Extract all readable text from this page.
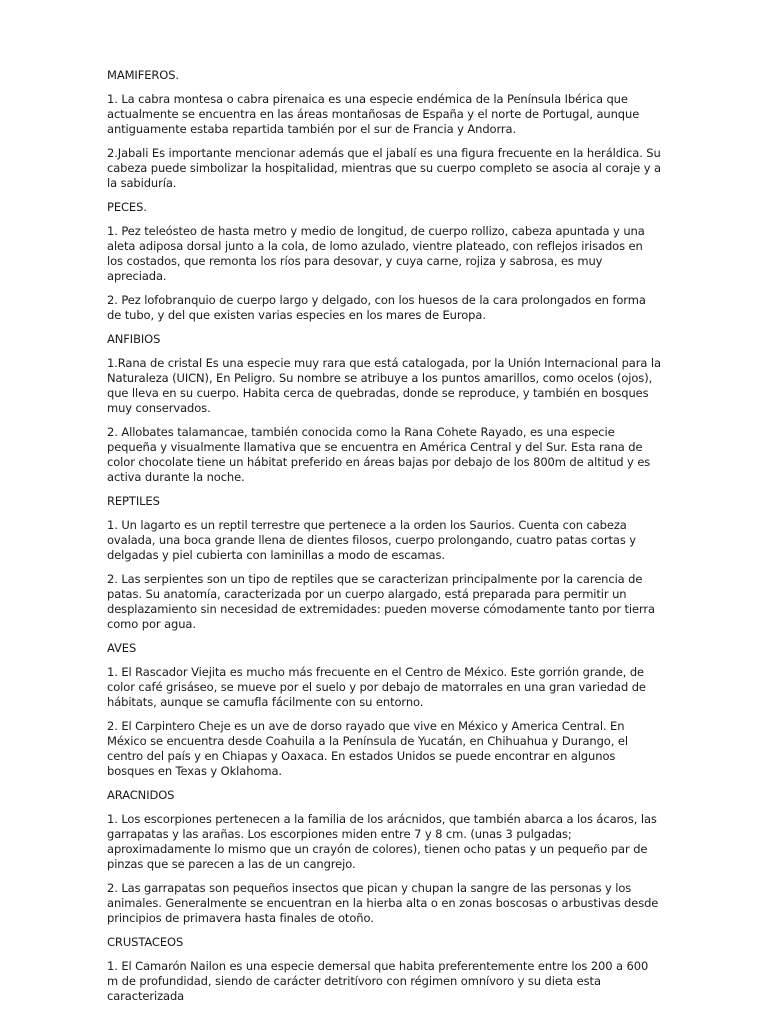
MAMIFEROS.
1. La cabra montesa o cabra pirenaica es una especie endémica de la Península Ibérica que actualmente se encuentra en las áreas montañosas de España y el norte de Portugal, aunque antiguamente estaba repartida también por el sur de Francia y Andorra.
2.Jabali Es importante mencionar además que el jabalí es una figura frecuente en la heráldica. Su cabeza puede simbolizar la hospitalidad, mientras que su cuerpo completo se asocia al coraje y a la sabiduría.
PECES.
1. Pez teleósteo de hasta metro y medio de longitud, de cuerpo rollizo, cabeza apuntada y una aleta adiposa dorsal junto a la cola, de lomo azulado, vientre plateado, con reflejos irisados en los costados, que remonta los ríos para desovar, y cuya carne, rojiza y sabrosa, es muy apreciada.
2. Pez lofobranquio de cuerpo largo y delgado, con los huesos de la cara prolongados en forma de tubo, y del que existen varias especies en los mares de Europa.
ANFIBIOS
1.Rana de cristal Es una especie muy rara que está catalogada, por la Unión Internacional para la Naturaleza (UICN), En Peligro. Su nombre se atribuye a los puntos amarillos, como ocelos (ojos), que lleva en su cuerpo. Habita cerca de quebradas, donde se reproduce, y también en bosques muy conservados.
2. Allobates talamancae, también conocida como la Rana Cohete Rayado, es una especie pequeña y visualmente llamativa que se encuentra en América Central y del Sur. Esta rana de color chocolate tiene un hábitat preferido en áreas bajas por debajo de los 800m de altitud y es activa durante la noche.
REPTILES
1. Un lagarto es un reptil terrestre que pertenece a la orden los Saurios. Cuenta con cabeza ovalada, una boca grande llena de dientes filosos, cuerpo prolongando, cuatro patas cortas y delgadas y piel cubierta con laminillas a modo de escamas.
2. Las serpientes son un tipo de reptiles que se caracterizan principalmente por la carencia de patas. Su anatomía, caracterizada por un cuerpo alargado, está preparada para permitir un desplazamiento sin necesidad de extremidades: pueden moverse cómodamente tanto por tierra como por agua.
AVES
1. El Rascador Viejita es mucho más frecuente en el Centro de México. Este gorrión grande, de color café grisáseo, se mueve por el suelo y por debajo de matorrales en una gran variedad de hábitats, aunque se camufla fácilmente con su entorno.
2. El Carpintero Cheje es un ave de dorso rayado que vive en México y America Central. En México se encuentra desde Coahuila a la Península de Yucatán, en Chihuahua y Durango, el centro del país y en Chiapas y Oaxaca. En estados Unidos se puede encontrar en algunos bosques en Texas y Oklahoma.
ARACNIDOS
1. Los escorpiones pertenecen a la familia de los arácnidos, que también abarca a los ácaros, las garrapatas y las arañas. Los escorpiones miden entre 7 y 8 cm. (unas 3 pulgadas; aproximadamente lo mismo que un crayón de colores), tienen ocho patas y un pequeño par de pinzas que se parecen a las de un cangrejo.
2. Las garrapatas son pequeños insectos que pican y chupan la sangre de las personas y los animales. Generalmente se encuentran en la hierba alta o en zonas boscosas o arbustivas desde principios de primavera hasta finales de otoño.
CRUSTACEOS
1. El Camarón Nailon es una especie demersal que habita preferentemente entre los 200 a 600 m de profundidad, siendo de carácter detritívoro con régimen omnívoro y su dieta esta caracterizada
